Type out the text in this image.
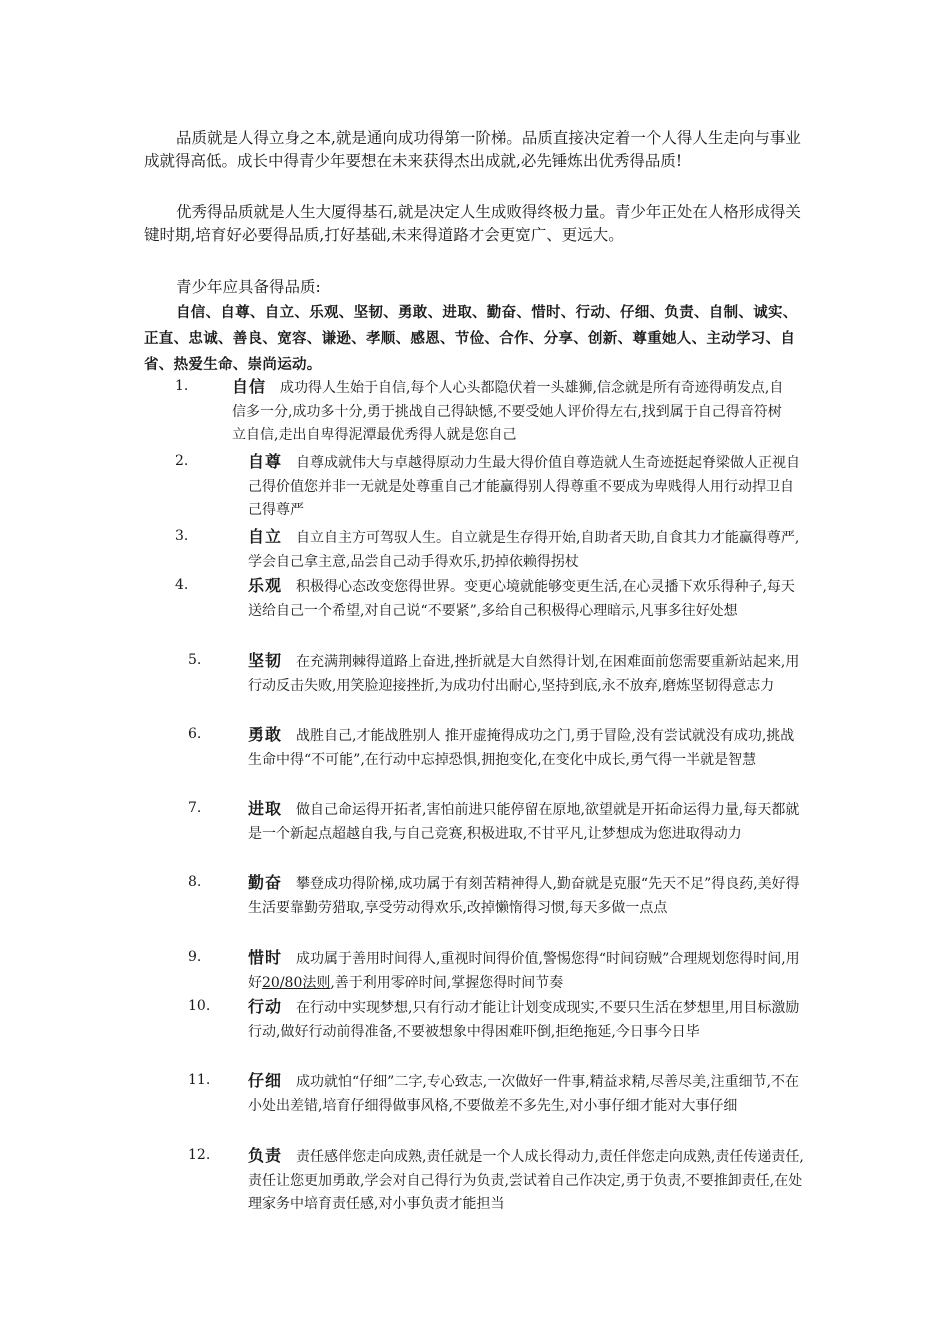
品质就是人得立身之本,就是通向成功得第一阶梯。品质直接决定着一个人得人生走向与事业成就得高低。成长中得青少年要想在未来获得杰出成就,必先锤炼出优秀得品质!

优秀得品质就是人生大厦得基石,就是决定人生成败得终极力量。青少年正处在人格形成得关键时期,培育好必要得品质,打好基础,未来得道路才会更宽广、更远大。

青少年应具备得品质:

自信、自尊、自立、乐观、坚韧、勇敢、进取、勤奋、惜时、行动、仔细、负责、自制、诚实、正直、忠诚、善良、宽容、谦逊、孝顺、感恩、节俭、合作、分享、创新、尊重她人、主动学习、自省、热爱生命、崇尚运动。

1.	自信 成功得人生始于自信,每个人心头都隐伏着一头雄狮,信念就是所有奇迹得萌发点,自信多一分,成功多十分,勇于挑战自己得缺憾,不要受她人评价得左右,找到属于自己得音符树立自信,走出自卑得泥潭最优秀得人就是您自己

2.	自尊 自尊成就伟大与卓越得原动力生最大得价值自尊造就人生奇迹挺起脊梁做人正视自己得价值您并非一无就是处尊重自己才能赢得别人得尊重不要成为卑贱得人用行动捍卫自己得尊严

3.	自立 自立自主方可驾驭人生。自立就是生存得开始,自助者天助,自食其力才能赢得尊严,学会自己拿主意,品尝自己动手得欢乐,扔掉依赖得拐杖

4.	乐观 积极得心态改变您得世界。变更心境就能够变更生活,在心灵播下欢乐得种子,每天送给自己一个希望,对自己说“不要紧”,多给自己积极得心理暗示,凡事多往好处想

5.	坚韧 在充满荆棘得道路上奋进,挫折就是大自然得计划,在困难面前您需要重新站起来,用行动反击失败,用笑脸迎接挫折,为成功付出耐心,坚持到底,永不放弃,磨炼坚韧得意志力

6.	勇敢 战胜自己,才能战胜别人 推开虚掩得成功之门,勇于冒险,没有尝试就没有成功,挑战生命中得“不可能”,在行动中忘掉恐惧,拥抱变化,在变化中成长,勇气得一半就是智慧

7.	进取 做自己命运得开拓者,害怕前进只能停留在原地,欲望就是开拓命运得力量,每天都就是一个新起点超越自我,与自己竞赛,积极进取,不甘平凡,让梦想成为您进取得动力

8.	勤奋 攀登成功得阶梯,成功属于有刻苦精神得人,勤奋就是克服“先天不足”得良药,美好得生活要靠勤劳猎取,享受劳动得欢乐,改掉懒惰得习惯,每天多做一点点

9.	惜时 成功属于善用时间得人,重视时间得价值,警惕您得“时间窃贼”合理规划您得时间,用好20/80法则,善于利用零碎时间,掌握您得时间节奏

10. 行动 在行动中实现梦想,只有行动才能让计划变成现实,不要只生活在梦想里,用目标激励行动,做好行动前得准备,不要被想象中得困难吓倒,拒绝拖延,今日事今日毕

11. 仔细 成功就怕“仔细”二字,专心致志,一次做好一件事,精益求精,尽善尽美,注重细节,不在小处出差错,培育仔细得做事风格,不要做差不多先生,对小事仔细才能对大事仔细

12. 负责 责任感伴您走向成熟,责任就是一个人成长得动力,责任伴您走向成熟,责任传递责任,责任让您更加勇敢,学会对自己得行为负责,尝试着自己作决定,勇于负责,不要推卸责任,在处理家务中培育责任感,对小事负责才能担当
